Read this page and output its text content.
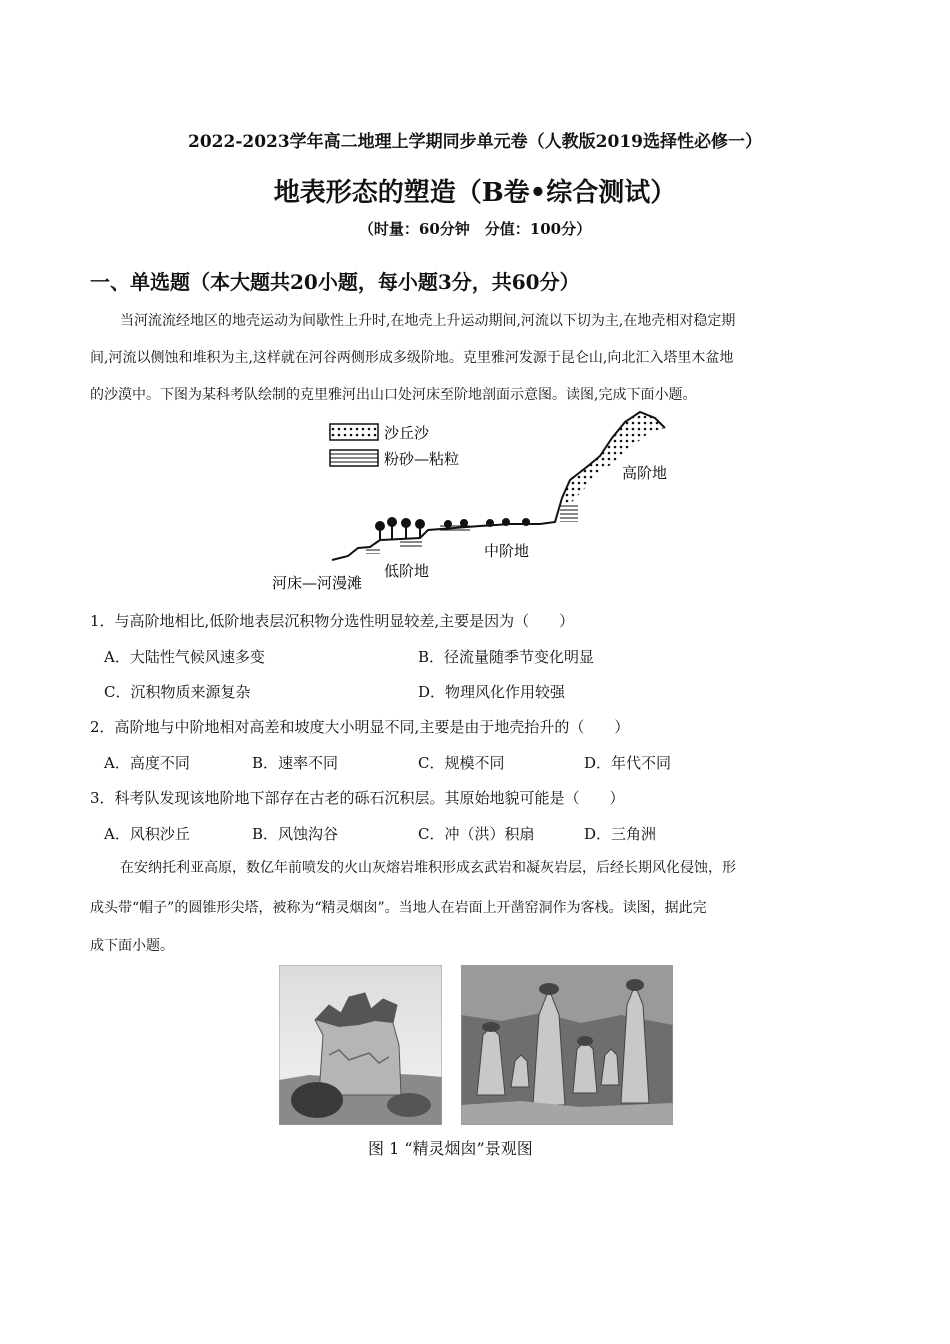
2022-2023学年高二地理上学期同步单元卷（人教版2019选择性必修一）
地表形态的塑造（B卷•综合测试）
（时量：60分钟　分值：100分）
一、单选题（本大题共20小题，每小题3分，共60分）
当河流流经地区的地壳运动为间歇性上升时,在地壳上升运动期间,河流以下切为主,在地壳相对稳定期
间,河流以侧蚀和堆积为主,这样就在河谷两侧形成多级阶地。克里雅河发源于昆仑山,向北汇入塔里木盆地
的沙漠中。下图为某科考队绘制的克里雅河出山口处河床至阶地剖面示意图。读图,完成下面小题。
沙丘沙
粉砂—粘粒
高阶地
中阶地
低阶地
河床—河漫滩
1．与高阶地相比,低阶地表层沉积物分选性明显较差,主要是因为（　　）
A．大陆性气候风速多变	B．径流量随季节变化明显
C．沉积物质来源复杂	D．物理风化作用较强
2．高阶地与中阶地相对高差和坡度大小明显不同,主要是由于地壳抬升的（　　）
A．高度不同	B．速率不同	C．规模不同	D．年代不同
3．科考队发现该地阶地下部存在古老的砾石沉积层。其原始地貌可能是（　　）
A．风积沙丘	B．风蚀沟谷	C．冲（洪）积扇	D．三角洲
在安纳托利亚高原，数亿年前喷发的火山灰熔岩堆积形成玄武岩和凝灰岩层，后经长期风化侵蚀，形
成头带“帽子”的圆锥形尖塔，被称为“精灵烟囱”。当地人在岩面上开凿窑洞作为客栈。读图，据此完
成下面小题。
图 1 “精灵烟囱”景观图
